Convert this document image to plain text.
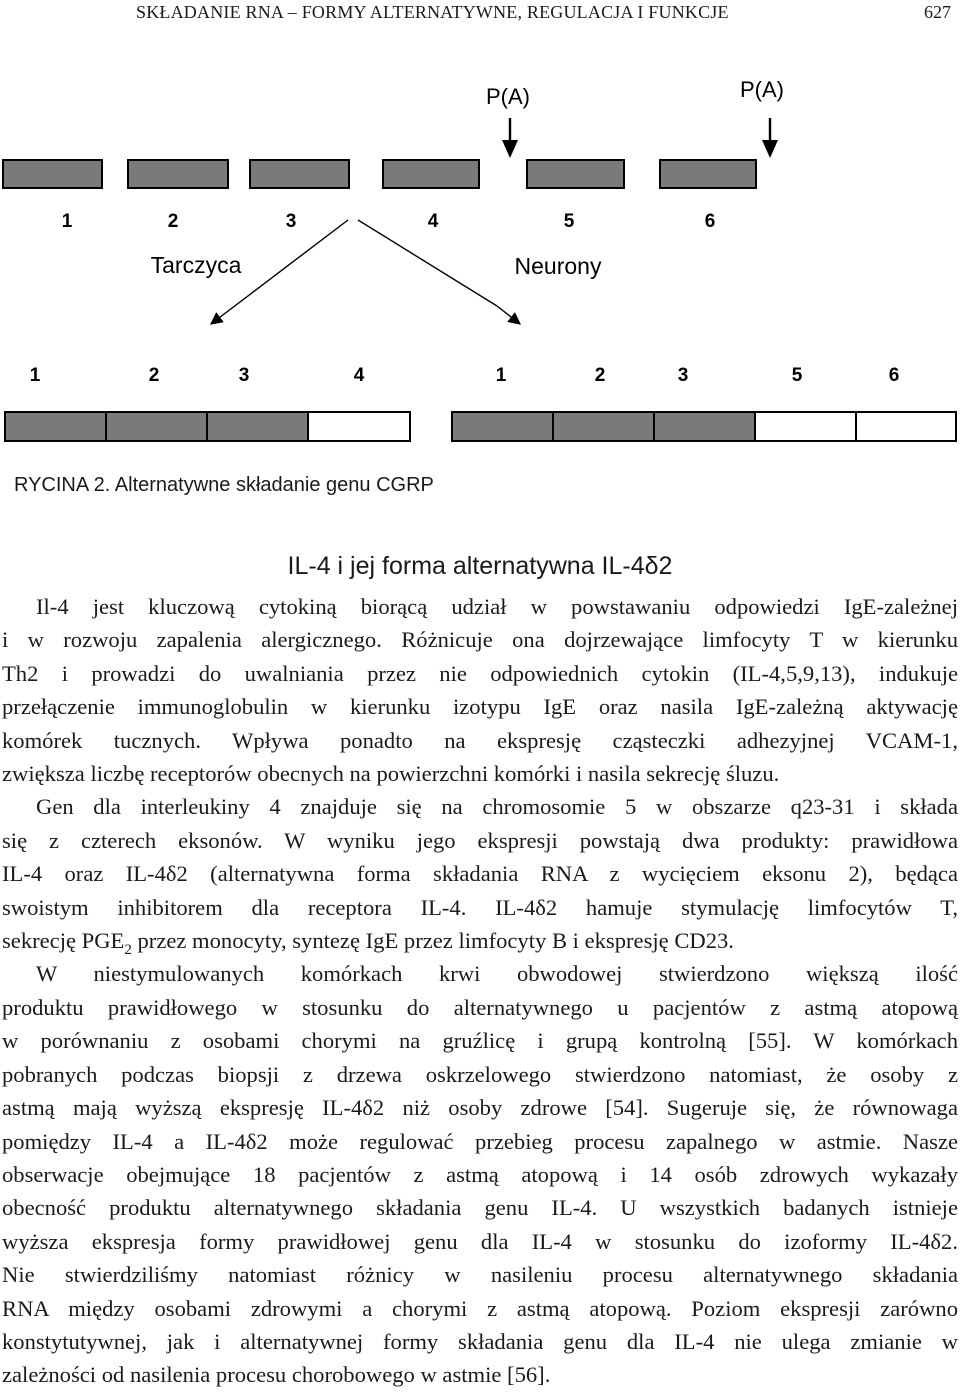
SKŁADANIE RNA – FORMY ALTERNATYWNE, REGULACJA I FUNKCJE	627
P(A)	P(A)
1	2	3	4	5	6
Tarczyca	Neurony
1	2	3	4	1	2	3	5	6
RYCINA 2. Alternatywne składanie genu CGRP
IL-4 i jej forma alternatywna IL-4δ2

Il-4 jest kluczową cytokiną biorącą udział w powstawaniu odpowiedzi IgE-zależnej
i w rozwoju zapalenia alergicznego. Różnicuje ona dojrzewające limfocyty T w kierunku
Th2 i prowadzi do uwalniania przez nie odpowiednich cytokin (IL-4,5,9,13), indukuje
przełączenie immunoglobulin w kierunku izotypu IgE oraz nasila IgE-zależną aktywację
komórek tucznych. Wpływa ponadto na ekspresję cząsteczki adhezyjnej VCAM-1,
zwiększa liczbę receptorów obecnych na powierzchni komórki i nasila sekrecję śluzu.

Gen dla interleukiny 4 znajduje się na chromosomie 5 w obszarze q23-31 i składa
się z czterech eksonów. W wyniku jego ekspresji powstają dwa produkty: prawidłowa
IL-4 oraz IL-4δ2 (alternatywna forma składania RNA z wycięciem eksonu 2), będąca
swoistym inhibitorem dla receptora IL-4. IL-4δ2 hamuje stymulację limfocytów T,
sekrecję $PGE_2$ przez monocyty, syntezę IgE przez limfocyty B i ekspresję CD23.

W niestymulowanych komórkach krwi obwodowej stwierdzono większą ilość
produktu prawidłowego w stosunku do alternatywnego u pacjentów z astmą atopową
w porównaniu z osobami chorymi na gruźlicę i grupą kontrolną [55]. W komórkach
pobranych podczas biopsji z drzewa oskrzelowego stwierdzono natomiast, że osoby z
astmą mają wyższą ekspresję IL-4δ2 niż osoby zdrowe [54]. Sugeruje się, że równowaga
pomiędzy IL-4 a IL-4δ2 może regulować przebieg procesu zapalnego w astmie. Nasze
obserwacje obejmujące 18 pacjentów z astmą atopową i 14 osób zdrowych wykazały
obecność produktu alternatywnego składania genu IL-4. U wszystkich badanych istnieje
wyższa ekspresja formy prawidłowej genu dla IL-4 w stosunku do izoformy IL-4δ2.
Nie stwierdziliśmy natomiast różnicy w nasileniu procesu alternatywnego składania
RNA między osobami zdrowymi a chorymi z astmą atopową. Poziom ekspresji zarówno
konstytutywnej, jak i alternatywnej formy składania genu dla IL-4 nie ulega zmianie w
zależności od nasilenia procesu chorobowego w astmie [56].
